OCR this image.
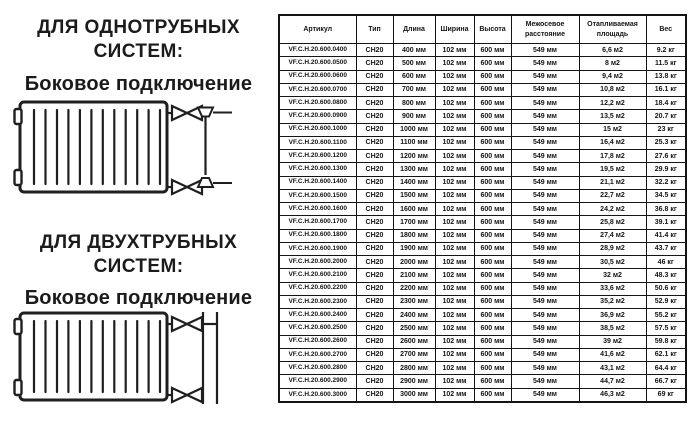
ДЛЯ ОДНОТРУБНЫХ СИСТЕМ:
Боковое подключение
ДЛЯ ДВУХТРУБНЫХ СИСТЕМ:
Боковое подключение
Артикул	Тип	Длина	Ширина	Высота	Межосевое расстояние	Отапливаемая площадь	Вес
VF.C.H.20.600.0400	CH20	400 мм	102 мм	600 мм	549 мм	6,6 м2	9.2 кг
VF.C.H.20.600.0500	CH20	500 мм	102 мм	600 мм	549 мм	8 м2	11.5 кг
VF.C.H.20.600.0600	CH20	600 мм	102 мм	600 мм	549 мм	9,4 м2	13.8 кг
VF.C.H.20.600.0700	CH20	700 мм	102 мм	600 мм	549 мм	10,8 м2	16.1 кг
VF.C.H.20.600.0800	CH20	800 мм	102 мм	600 мм	549 мм	12,2 м2	18.4 кг
VF.C.H.20.600.0900	CH20	900 мм	102 мм	600 мм	549 мм	13,5 м2	20.7 кг
VF.C.H.20.600.1000	CH20	1000 мм	102 мм	600 мм	549 мм	15 м2	23 кг
VF.C.H.20.600.1100	CH20	1100 мм	102 мм	600 мм	549 мм	16,4 м2	25.3 кг
VF.C.H.20.600.1200	CH20	1200 мм	102 мм	600 мм	549 мм	17,8 м2	27.6 кг
VF.C.H.20.600.1300	CH20	1300 мм	102 мм	600 мм	549 мм	19,5 м2	29.9 кг
VF.C.H.20.600.1400	CH20	1400 мм	102 мм	600 мм	549 мм	21,1 м2	32.2 кг
VF.C.H.20.600.1500	CH20	1500 мм	102 мм	600 мм	549 мм	22,7 м2	34.5 кг
VF.C.H.20.600.1600	CH20	1600 мм	102 мм	600 мм	549 мм	24,2 м2	36.8 кг
VF.C.H.20.600.1700	CH20	1700 мм	102 мм	600 мм	549 мм	25,8 м2	39.1 кг
VF.C.H.20.600.1800	CH20	1800 мм	102 мм	600 мм	549 мм	27,4 м2	41.4 кг
VF.C.H.20.600.1900	CH20	1900 мм	102 мм	600 мм	549 мм	28,9 м2	43.7 кг
VF.C.H.20.600.2000	CH20	2000 мм	102 мм	600 мм	549 мм	30,5 м2	46 кг
VF.C.H.20.600.2100	CH20	2100 мм	102 мм	600 мм	549 мм	32 м2	48.3 кг
VF.C.H.20.600.2200	CH20	2200 мм	102 мм	600 мм	549 мм	33,6 м2	50.6 кг
VF.C.H.20.600.2300	CH20	2300 мм	102 мм	600 мм	549 мм	35,2 м2	52.9 кг
VF.C.H.20.600.2400	CH20	2400 мм	102 мм	600 мм	549 мм	36,9 м2	55.2 кг
VF.C.H.20.600.2500	CH20	2500 мм	102 мм	600 мм	549 мм	38,5 м2	57.5 кг
VF.C.H.20.600.2600	CH20	2600 мм	102 мм	600 мм	549 мм	39 м2	59.8 кг
VF.C.H.20.600.2700	CH20	2700 мм	102 мм	600 мм	549 мм	41,6 м2	62.1 кг
VF.C.H.20.600.2800	CH20	2800 мм	102 мм	600 мм	549 мм	43,1 м2	64.4 кг
VF.C.H.20.600.2900	CH20	2900 мм	102 мм	600 мм	549 мм	44,7 м2	66.7 кг
VF.C.H.20.600.3000	CH20	3000 мм	102 мм	600 мм	549 мм	46,3 м2	69 кг
